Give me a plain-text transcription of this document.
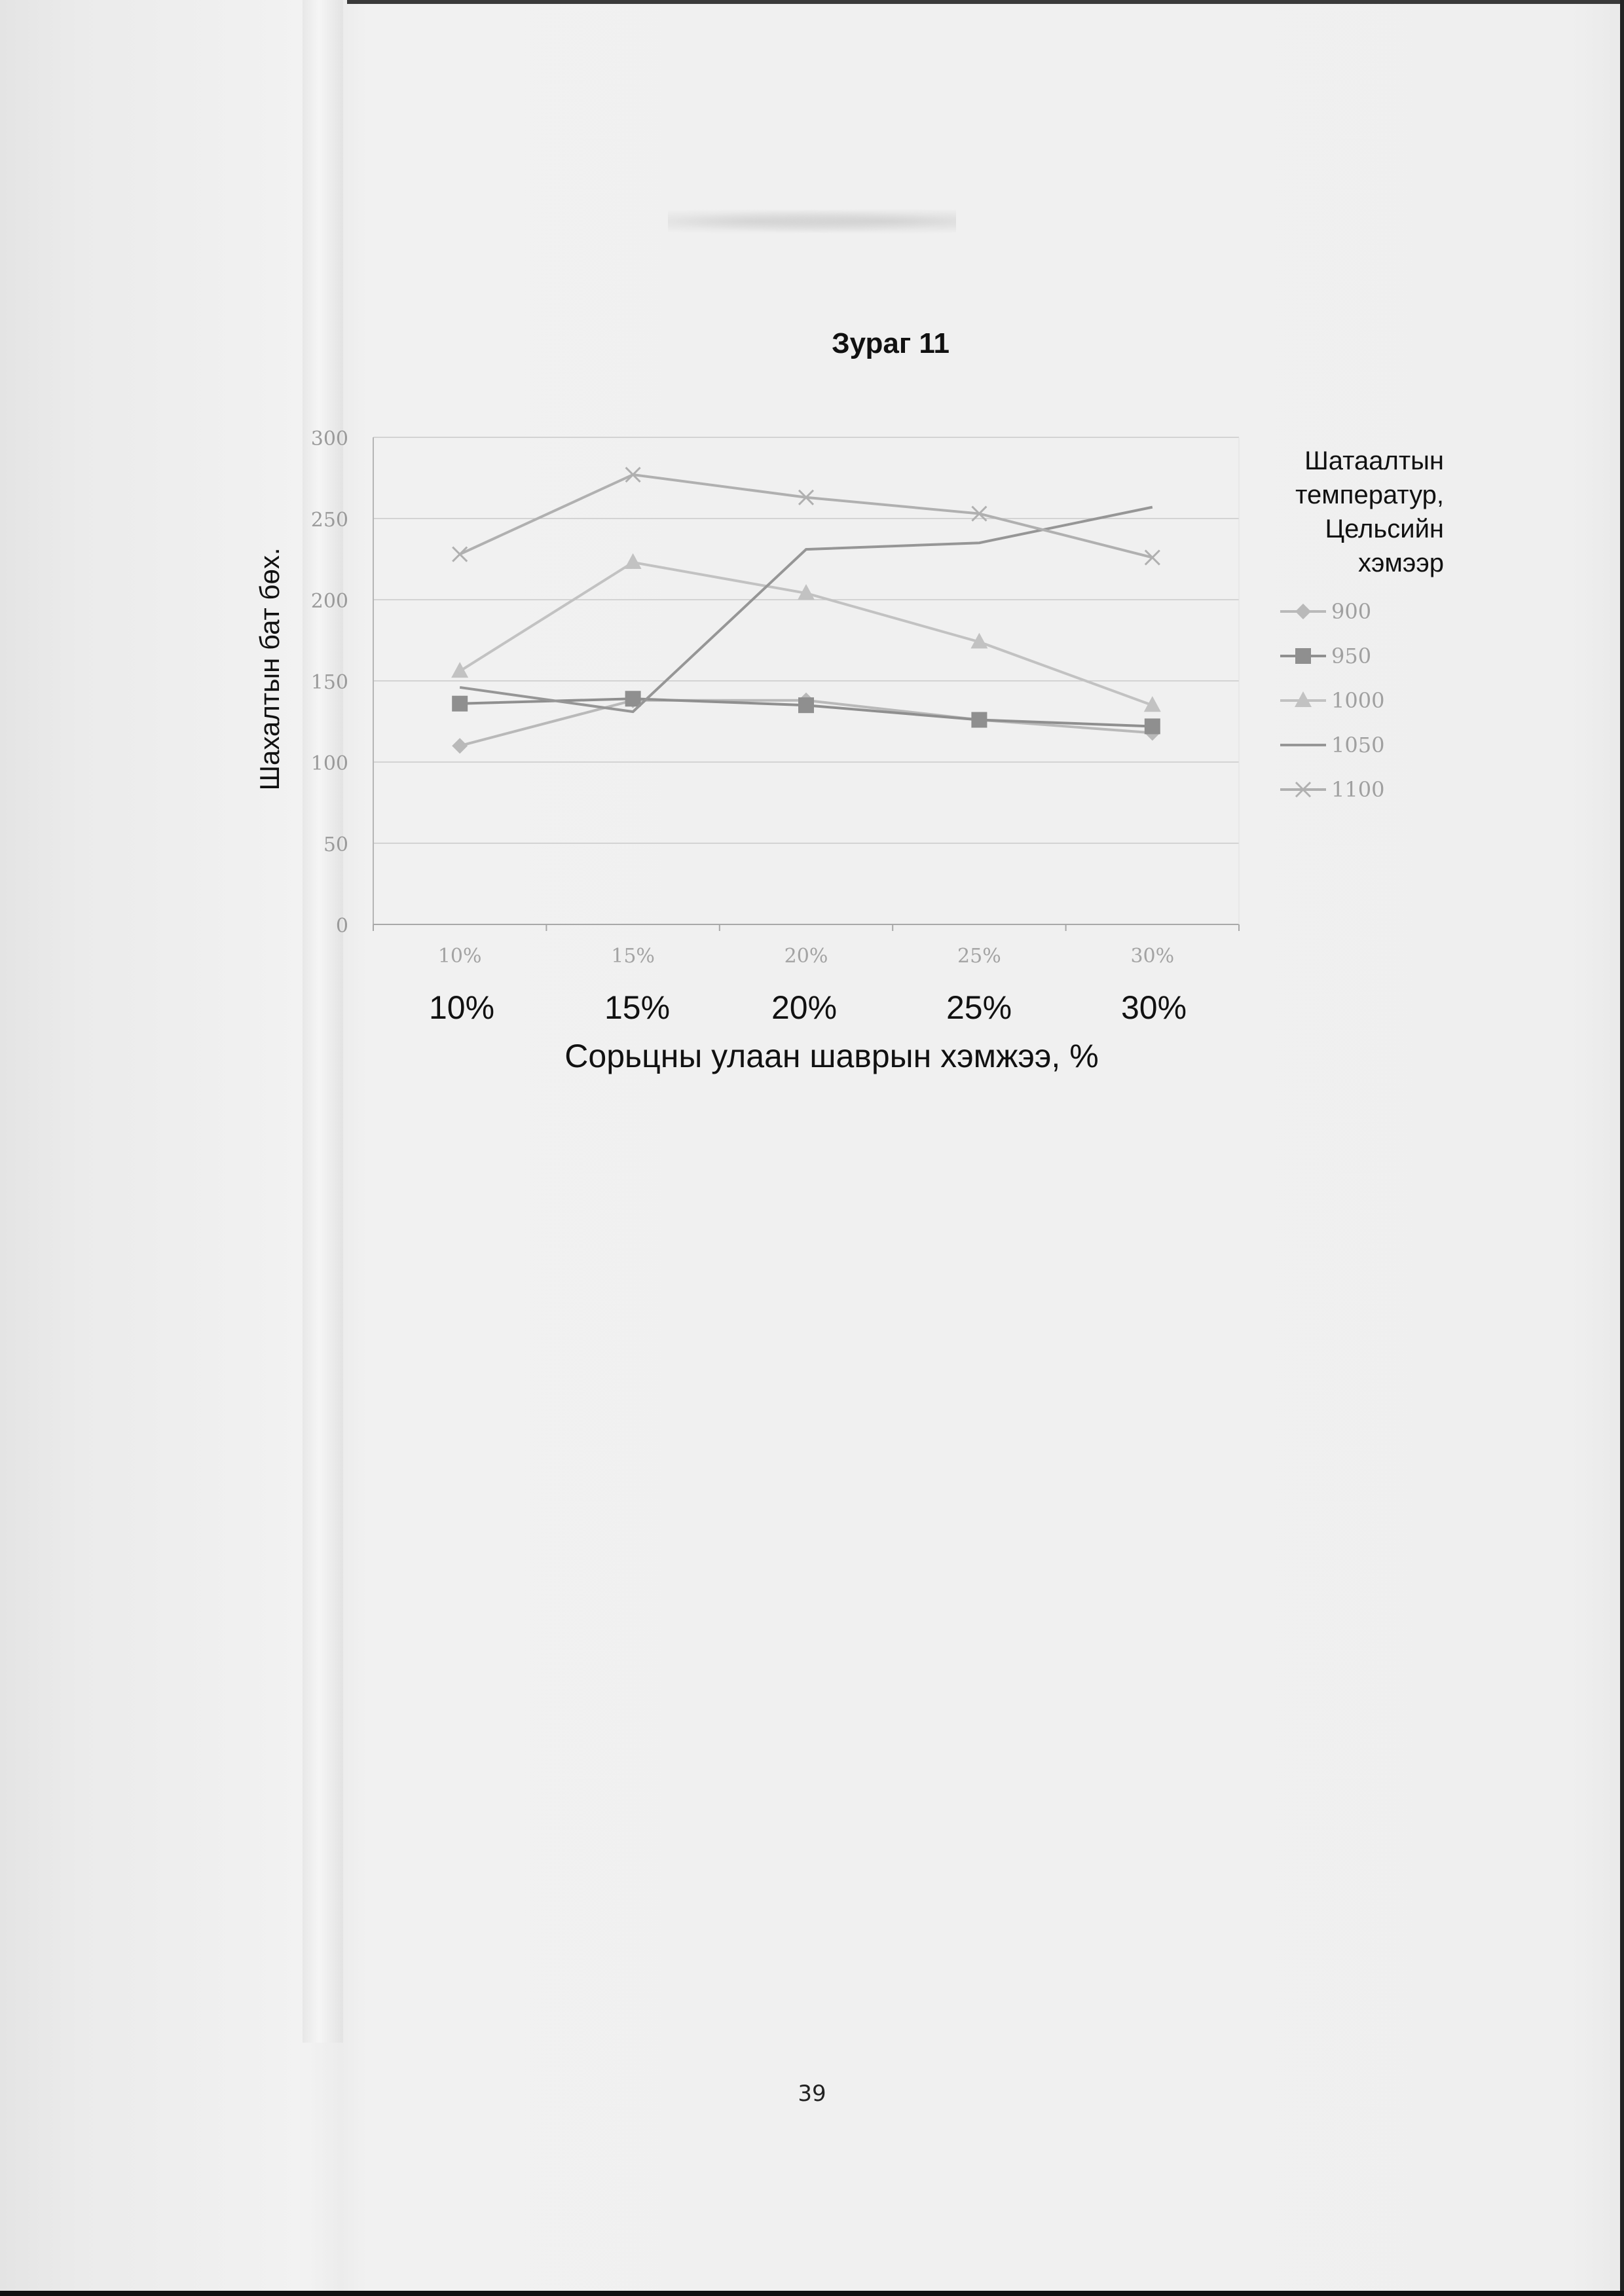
Зураг 11
0
50
100
150
200
250
300
10%	15%	20%	25%	30%
900
950
1000
1050
1100
Шахалтын бат бөх.
Шатаалтын
температур,
Цельсийн
хэмээр
10%	15%	20%	25%	30%
Сорьцны улаан шаврын хэмжээ, %
39
